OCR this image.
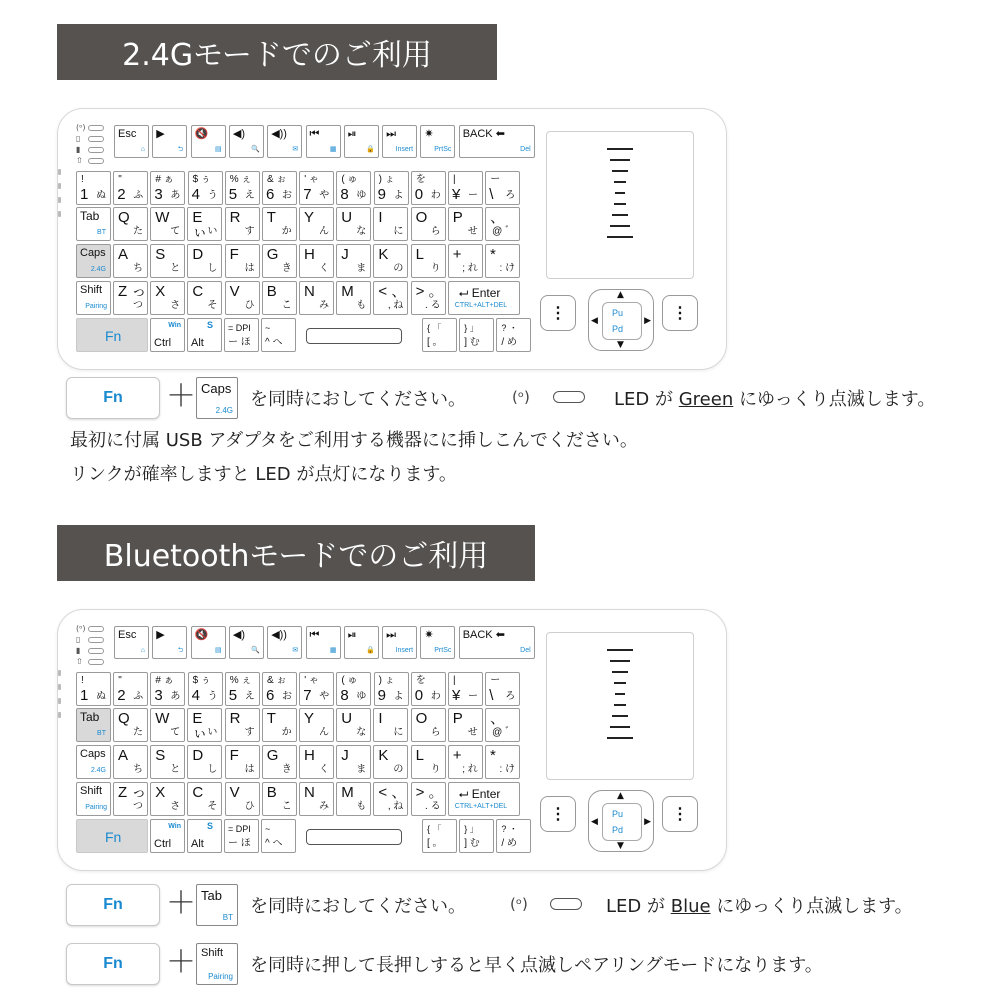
2.4Gモードでのご利用
(ᵒ)
▯
▮
⇧
Esc
⌂
▶
⮌
🔇
▤
◀)
🔍
◀))
✉
⏮
▦
⏯
🔒
⏭
Insert
✷
PrtSc
BACK ⬅
Del
!
1 ぬ
"
2 ふ
# ぁ
3 あ
$ ぅ
4 う
% ぇ
5 え
& ぉ
6 お
' ゃ
7 や
( ゅ
8 ゆ
) ょ
9 よ
を
0 わ
|
¥ ー
ー
\ ろ
Tab
BT
Q
た
W
て
E ぃ い
R
す
T
か
Y
ん
U
な
I
に
O
ら
P
せ
、
@ ゛
Caps
2.4G
A
ち
S
と
D
し
F
は
G
き
H
く
J
ま
K
の
L
り
+
; れ
*
: け
Shift
Pairing
Z っ
つ
X
さ
C
そ
V
ひ
B
こ
N
み
M
も
< 、
, ね
> 。
. る
⮠ Enter
CTRL+ALT+DEL
Fn
Win
Ctrl
S
Alt
= DPI
ー ほ
~
^ へ
{ 「
[ 。
} 」
] む
? ・
/ め
⋮	⋮
▲
▼
◀	▶
Pu
Pd
Fn	＋ Caps
2.4G
を同時におしてください。	(ᵒ)	LED が Green にゆっくり点滅します。
最初に付属 USB アダプタをご利用する機器にに挿しこんでください。
リンクが確率しますと LED が点灯になります。
Bluetoothモードでのご利用
(ᵒ)
▯
▮
⇧
Esc
⌂
▶
⮌
🔇
▤
◀)
🔍
◀))
✉
⏮
▦
⏯
🔒
⏭
Insert
✷
PrtSc
BACK ⬅
Del
!
1 ぬ
"
2 ふ
# ぁ
3 あ
$ ぅ
4 う
% ぇ
5 え
& ぉ
6 お
' ゃ
7 や
( ゅ
8 ゆ
) ょ
9 よ
を
0 わ
|
¥ ー
ー
\ ろ
Tab
BT
Q
た
W
て
E ぃ い
R
す
T
か
Y
ん
U
な
I
に
O
ら
P
せ
、
@ ゛
Caps
2.4G
A
ち
S
と
D
し
F
は
G
き
H
く
J
ま
K
の
L
り
+
; れ
*
: け
Shift
Pairing
Z っ
つ
X
さ
C
そ
V
ひ
B
こ
N
み
M
も
< 、
, ね
> 。
. る
⮠ Enter
CTRL+ALT+DEL
Fn
Win
Ctrl
S
Alt
= DPI
ー ほ
~
^ へ
{ 「
[ 。
} 」
] む
? ・
/ め
⋮	⋮
▲
▼
◀	▶
Pu
Pd
Fn	＋ Tab
BT
を同時におしてください。	(ᵒ)	LED が Blue にゆっくり点滅します。
Fn	＋ Shift
Pairing
を同時に押して長押しすると早く点滅しペアリングモードになります。
